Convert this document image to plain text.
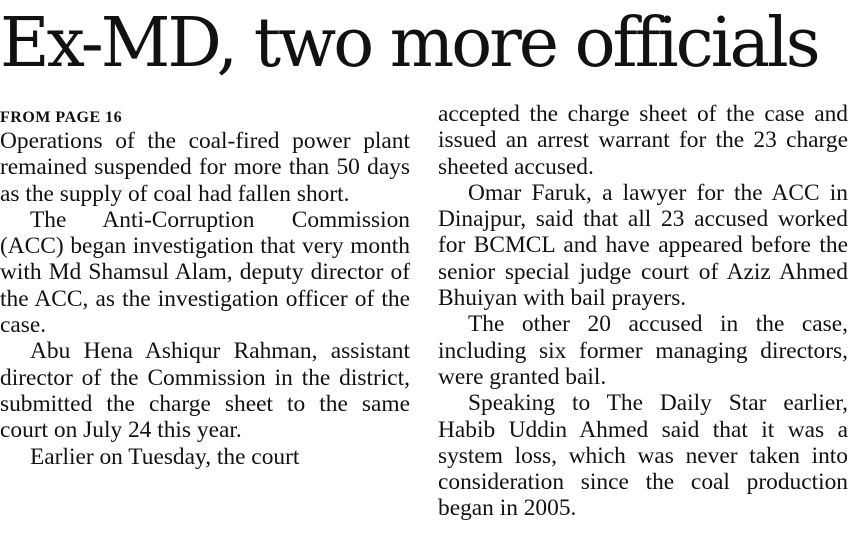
Ex-MD, two more officials
FROM PAGE 16

Operations of the coal-fired power plant remained suspended for more than 50 days as the supply of coal had fallen short.

The Anti-Corruption Commission (ACC) began investigation that very month with Md Shamsul Alam, deputy director of the ACC, as the investigation officer of the case.

Abu Hena Ashiqur Rahman, assistant director of the Commission in the district, submitted the charge sheet to the same court on July 24 this year.

Earlier on Tuesday, the court

accepted the charge sheet of the case and issued an arrest warrant for the 23 charge sheeted accused.

Omar Faruk, a lawyer for the ACC in Dinajpur, said that all 23 accused worked for BCMCL and have appeared before the senior special judge court of Aziz Ahmed Bhuiyan with bail prayers.

The other 20 accused in the case, including six former managing directors, were granted bail.

Speaking to The Daily Star earlier, Habib Uddin Ahmed said that it was a system loss, which was never taken into consideration since the coal production began in 2005.
